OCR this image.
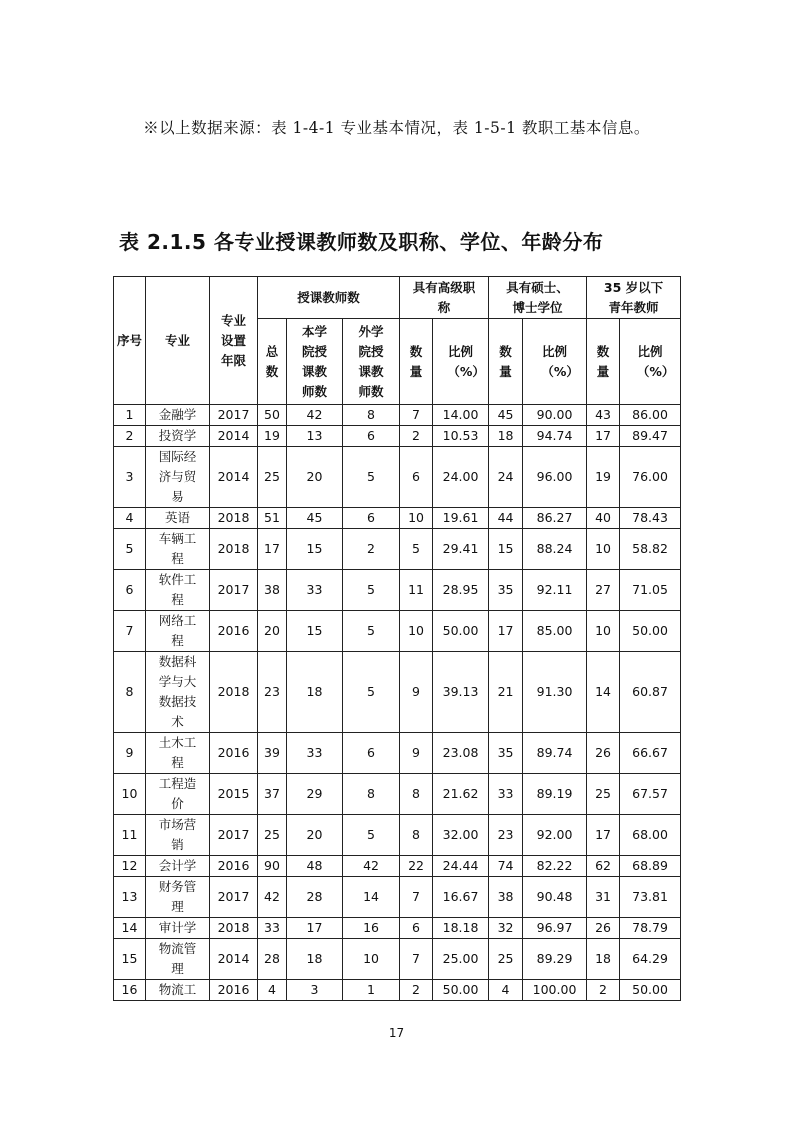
※以上数据来源：表 1-4-1 专业基本情况，表 1-5-1 教职工基本信息。
表 2.1.5 各专业授课教师数及职称、学位、年龄分布
序号	专业	专业设置年限	授课教师数			具有高级职称		具有硕士、博士学位		35 岁以下青年教师	
			总数	本学院授课教师数	外学院授课教师数	数量	比例（%）	数量	比例（%）	数量	比例（%）
1	金融学	2017	50	42	8	7	14.00	45	90.00	43	86.00
2	投资学	2014	19	13	6	2	10.53	18	94.74	17	89.47
3	国际经济与贸易	2014	25	20	5	6	24.00	24	96.00	19	76.00
4	英语	2018	51	45	6	10	19.61	44	86.27	40	78.43
5	车辆工程	2018	17	15	2	5	29.41	15	88.24	10	58.82
6	软件工程	2017	38	33	5	11	28.95	35	92.11	27	71.05
7	网络工程	2016	20	15	5	10	50.00	17	85.00	10	50.00
8	数据科学与大数据技术	2018	23	18	5	9	39.13	21	91.30	14	60.87
9	土木工程	2016	39	33	6	9	23.08	35	89.74	26	66.67
10	工程造价	2015	37	29	8	8	21.62	33	89.19	25	67.57
11	市场营销	2017	25	20	5	8	32.00	23	92.00	17	68.00
12	会计学	2016	90	48	42	22	24.44	74	82.22	62	68.89
13	财务管理	2017	42	28	14	7	16.67	38	90.48	31	73.81
14	审计学	2018	33	17	16	6	18.18	32	96.97	26	78.79
15	物流管理	2014	28	18	10	7	25.00	25	89.29	18	64.29
16	物流工	2016	4	3	1	2	50.00	4	100.00	2	50.00
17
